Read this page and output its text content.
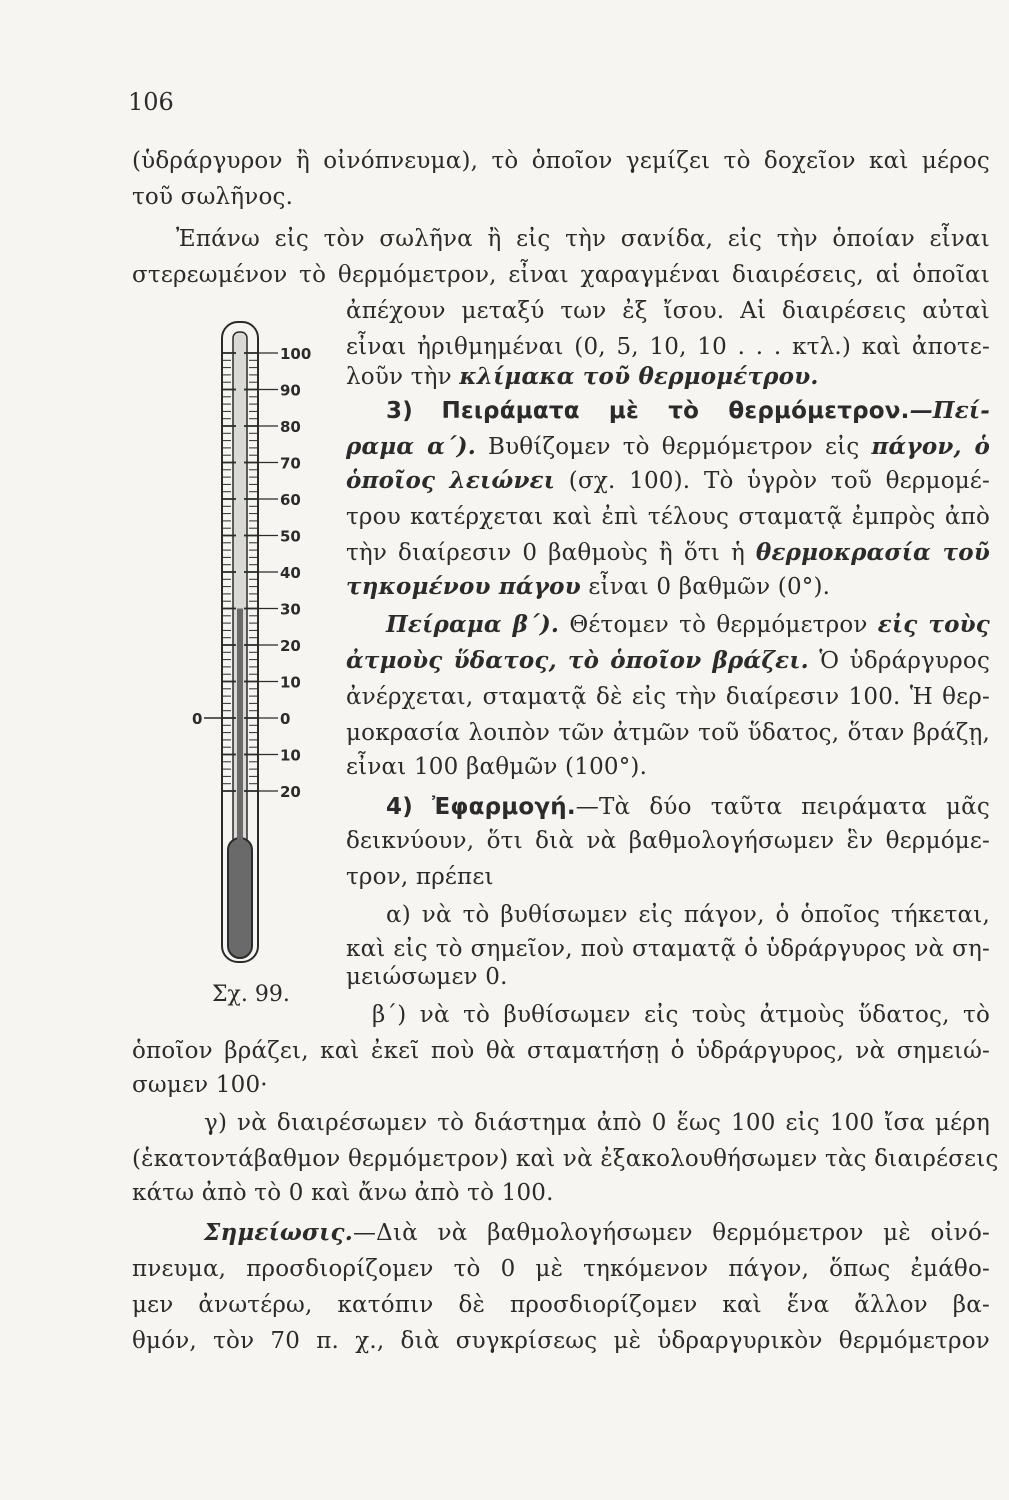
106
(ὑδράργυρον ἢ οἰνόπνευμα), τὸ ὁποῖον γεμίζει τὸ δοχεῖον καὶ μέρος
τοῦ σωλῆνος.
Ἐπάνω εἰς τὸν σωλῆνα ἢ εἰς τὴν σανίδα, εἰς τὴν ὁποίαν εἶναι
στερεωμένον τὸ θερμόμετρον, εἶναι χαραγμέναι διαιρέσεις, αἱ ὁποῖαι
ἀπέχουν μεταξύ των ἐξ ἴσου. Αἱ διαιρέσεις αὐταὶ
εἶναι ἠριθμημέναι (0, 5, 10, 10 . . . κτλ.) καὶ ἀποτε-
λοῦν τὴν κλίμακα τοῦ θερμομέτρου.
3) Πειράματα μὲ τὸ θερμόμετρον.—Πεί-
ραμα α΄). Βυθίζομεν τὸ θερμόμετρον εἰς πάγον, ὁ
ὁποῖος λειώνει (σχ. 100). Τὸ ὑγρὸν τοῦ θερμομέ-
τρου κατέρχεται καὶ ἐπὶ τέλους σταματᾷ ἐμπρὸς ἀπὸ
τὴν διαίρεσιν 0 βαθμοὺς ἢ ὅτι ἡ θερμοκρασία τοῦ
τηκομένου πάγου εἶναι 0 βαθμῶν (0°).
Πείραμα β΄). Θέτομεν τὸ θερμόμετρον εἰς τοὺς
ἀτμοὺς ὕδατος, τὸ ὁποῖον βράζει. Ὁ ὑδράργυρος
ἀνέρχεται, σταματᾷ δὲ εἰς τὴν διαίρεσιν 100. Ἡ θερ-
μοκρασία λοιπὸν τῶν ἀτμῶν τοῦ ὕδατος, ὅταν βράζῃ,
εἶναι 100 βαθμῶν (100°).
4) Ἐφαρμογή.—Τὰ δύο ταῦτα πειράματα μᾶς
δεικνύουν, ὅτι διὰ νὰ βαθμολογήσωμεν ἓν θερμόμε-
τρον, πρέπει
α) νὰ τὸ βυθίσωμεν εἰς πάγον, ὁ ὁποῖος τήκεται,
καὶ εἰς τὸ σημεῖον, ποὺ σταματᾷ ὁ ὑδράργυρος νὰ ση-
μειώσωμεν 0.
β΄) νὰ τὸ βυθίσωμεν εἰς τοὺς ἀτμοὺς ὕδατος, τὸ
ὁποῖον βράζει, καὶ ἐκεῖ ποὺ θὰ σταματήσῃ ὁ ὑδράργυρος, νὰ σημειώ-
σωμεν 100·
γ) νὰ διαιρέσωμεν τὸ διάστημα ἀπὸ 0 ἕως 100 εἰς 100 ἴσα μέρη
(ἑκατοντάβαθμον θερμόμετρον) καὶ νὰ ἐξακολουθήσωμεν τὰς διαιρέσεις
κάτω ἀπὸ τὸ 0 καὶ ἄνω ἀπὸ τὸ 100.
Σημείωσις.—Διὰ νὰ βαθμολογήσωμεν θερμόμετρον μὲ οἰνό-
πνευμα, προσδιορίζομεν τὸ 0 μὲ τηκόμενον πάγον, ὅπως ἐμάθο-
μεν ἀνωτέρω, κατόπιν δὲ προσδιορίζομεν καὶ ἕνα ἄλλον βα-
θμόν, τὸν 70 π. χ., διὰ συγκρίσεως μὲ ὑδραργυρικὸν θερμόμετρον
100
90
80
70
60
50
40
30
20
10
0
10
20
0
Σχ. 99.
